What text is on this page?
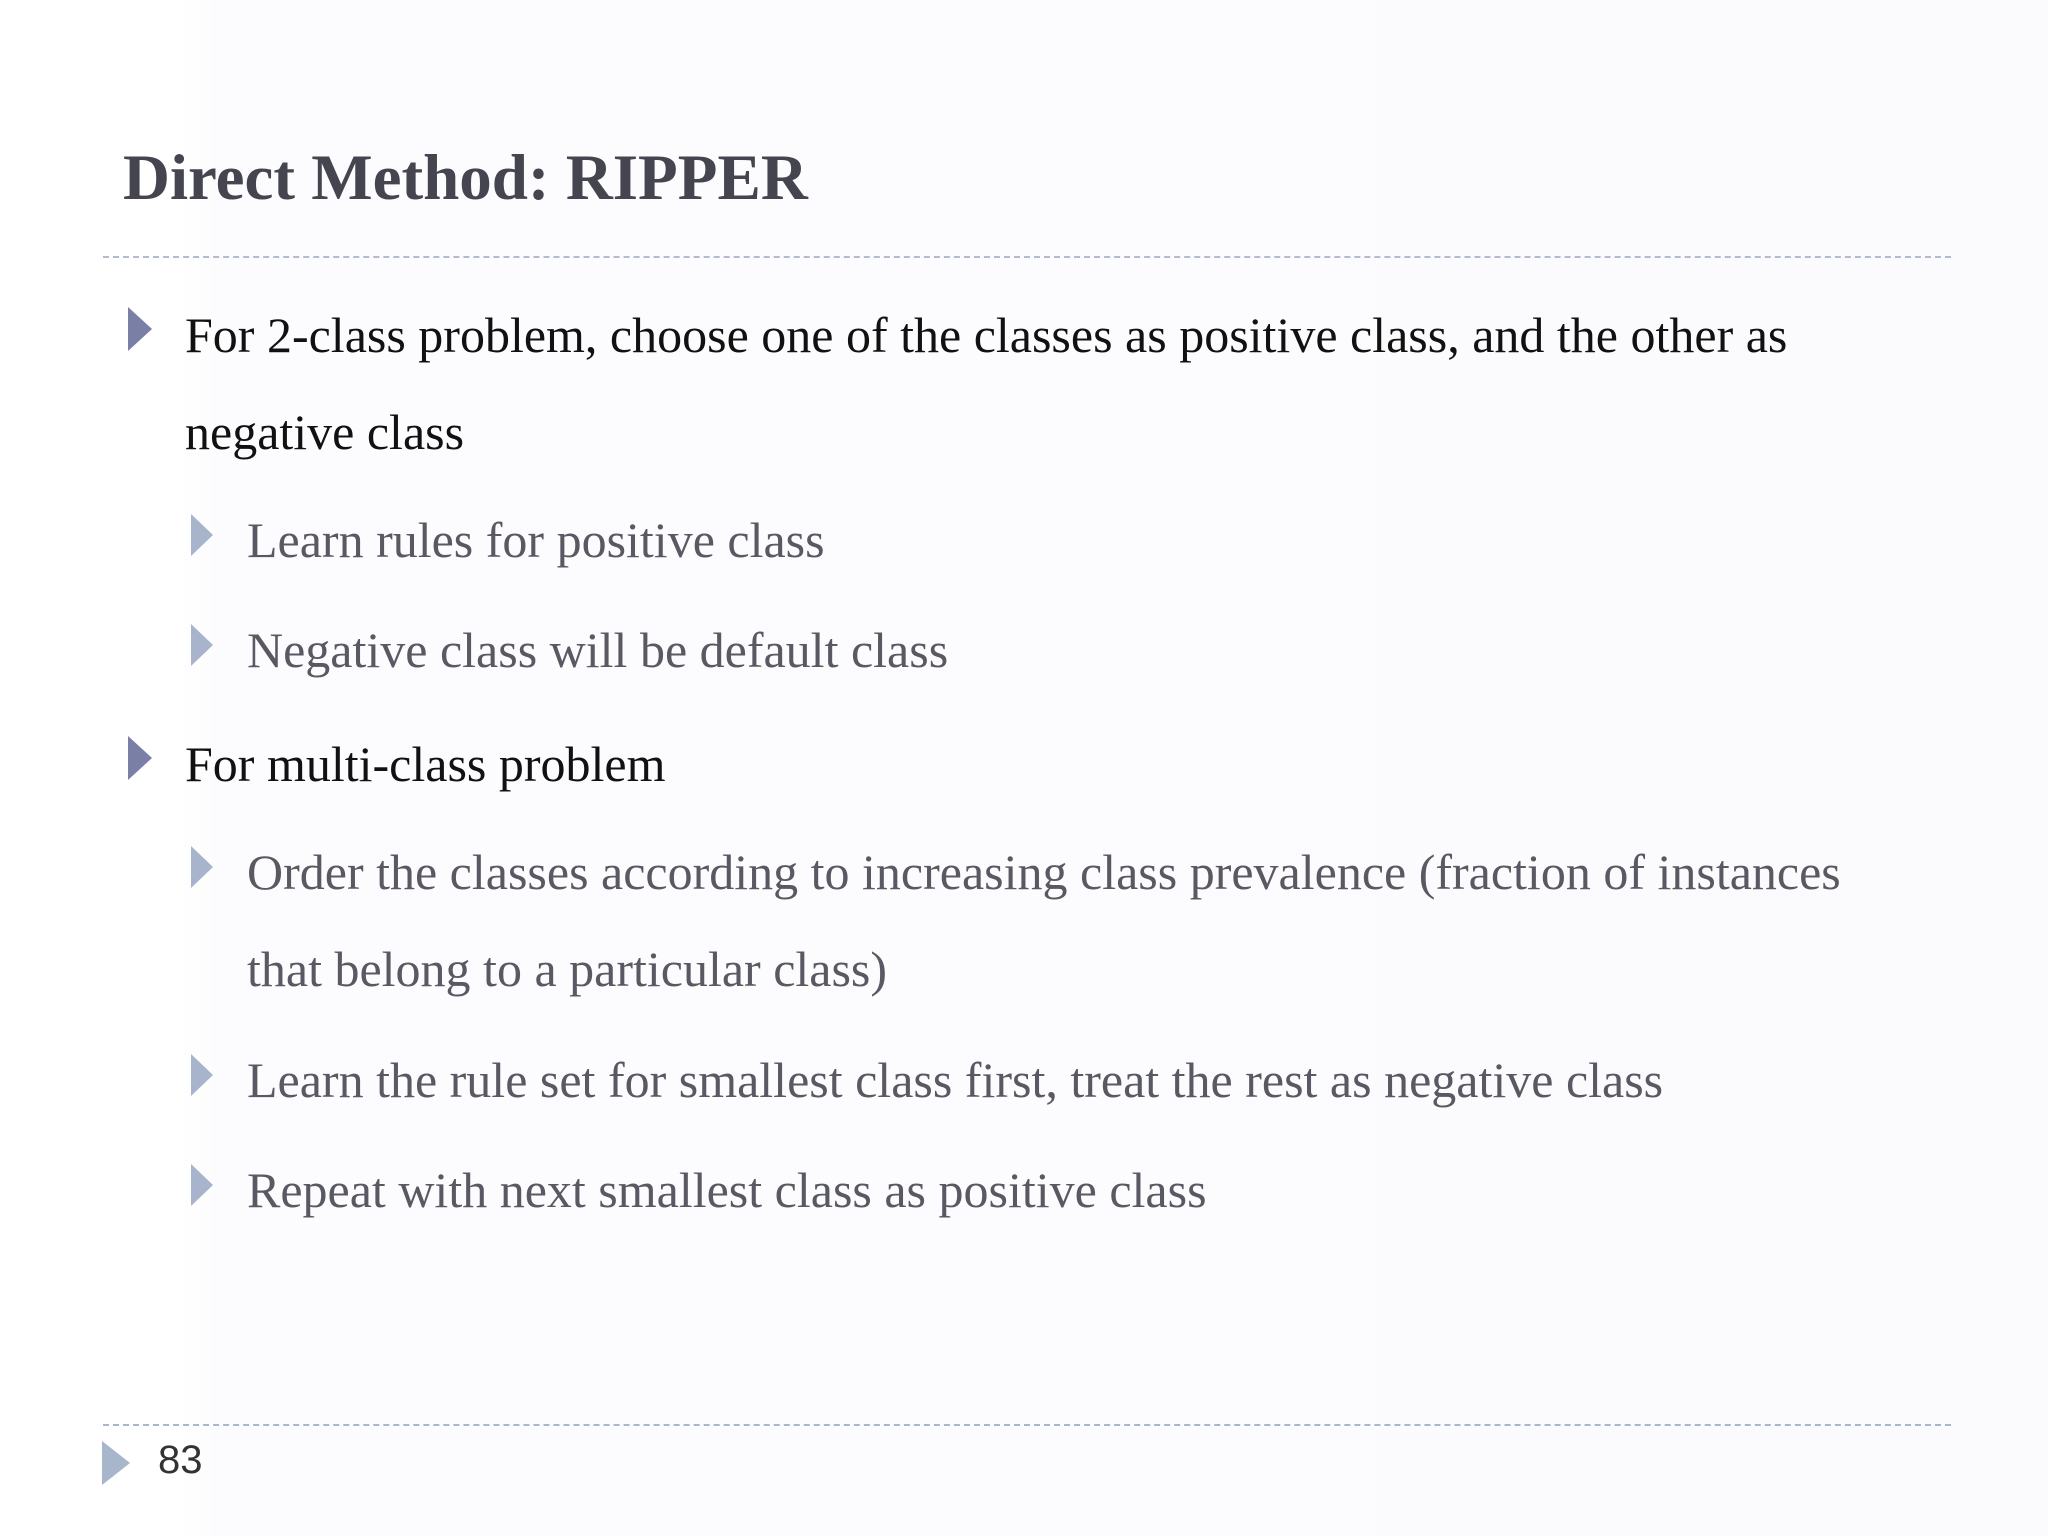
Direct Method: RIPPER
For 2-class problem, choose one of the classes as positive class, and the other as negative class
Learn rules for positive class
Negative class will be default class
For multi-class problem
Order the classes according to increasing class prevalence (fraction of instances that belong to a particular class)
Learn the rule set for smallest class first, treat the rest as negative class
Repeat with next smallest class as positive class
83
